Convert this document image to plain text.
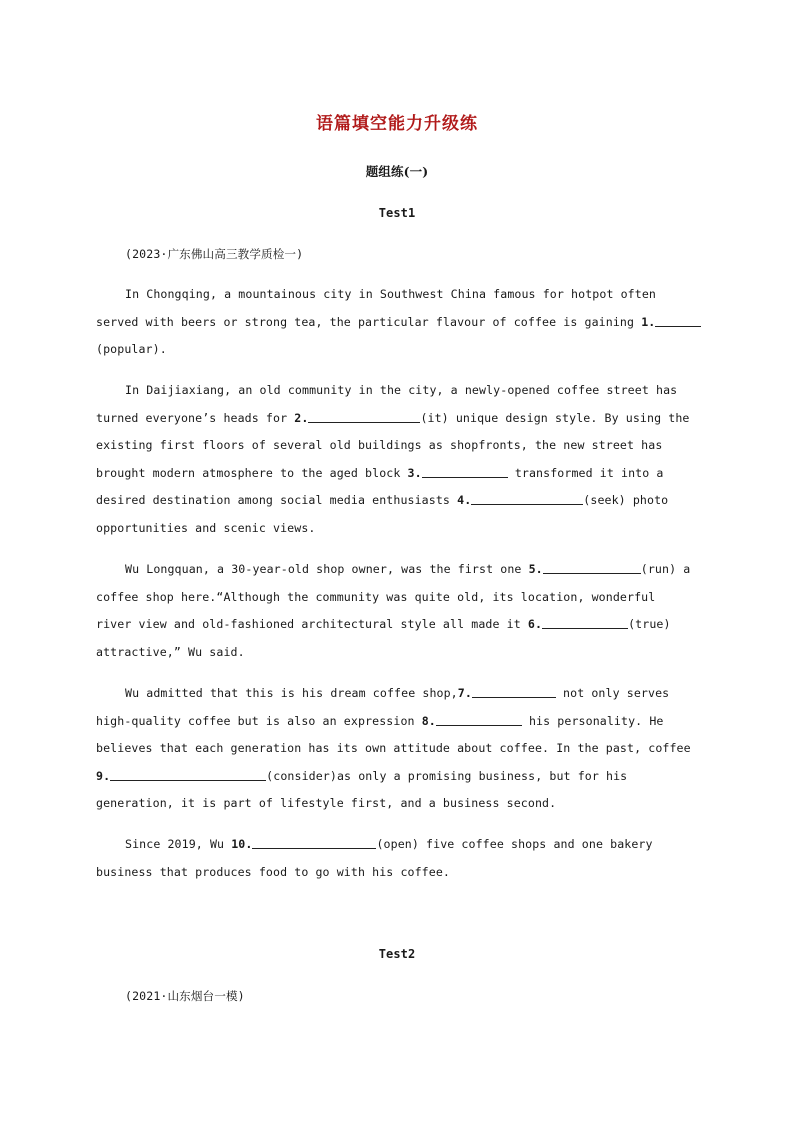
语篇填空能力升级练
题组练(一)
Test1
(2023·广东佛山高三教学质检一)
In Chongqing, a mountainous city in Southwest China famous for hotpot often
served with beers or strong tea, the particular flavour of coffee is gaining 1.
(popular).
In Daijiaxiang, an old community in the city, a newly-opened coffee street has
turned everyone’s heads for 2.	(it) unique design style. By using the
existing first floors of several old buildings as shopfronts, the new street has
brought modern atmosphere to the aged block 3.	transformed it into a
desired destination among social media enthusiasts 4.	(seek) photo
opportunities and scenic views.
Wu Longquan, a 30-year-old shop owner, was the first one 5.	(run) a
coffee shop here.“Although the community was quite old, its location, wonderful
river view and old-fashioned architectural style all made it 6.	(true)
attractive,” Wu said.
Wu admitted that this is his dream coffee shop,7.	not only serves
high-quality coffee but is also an expression 8.	his personality. He
believes that each generation has its own attitude about coffee. In the past, coffee
9.	(consider)as only a promising business, but for his
generation, it is part of lifestyle first, and a business second.
Since 2019, Wu 10.	(open) five coffee shops and one bakery
business that produces food to go with his coffee.
Test2
(2021·山东烟台一模)
